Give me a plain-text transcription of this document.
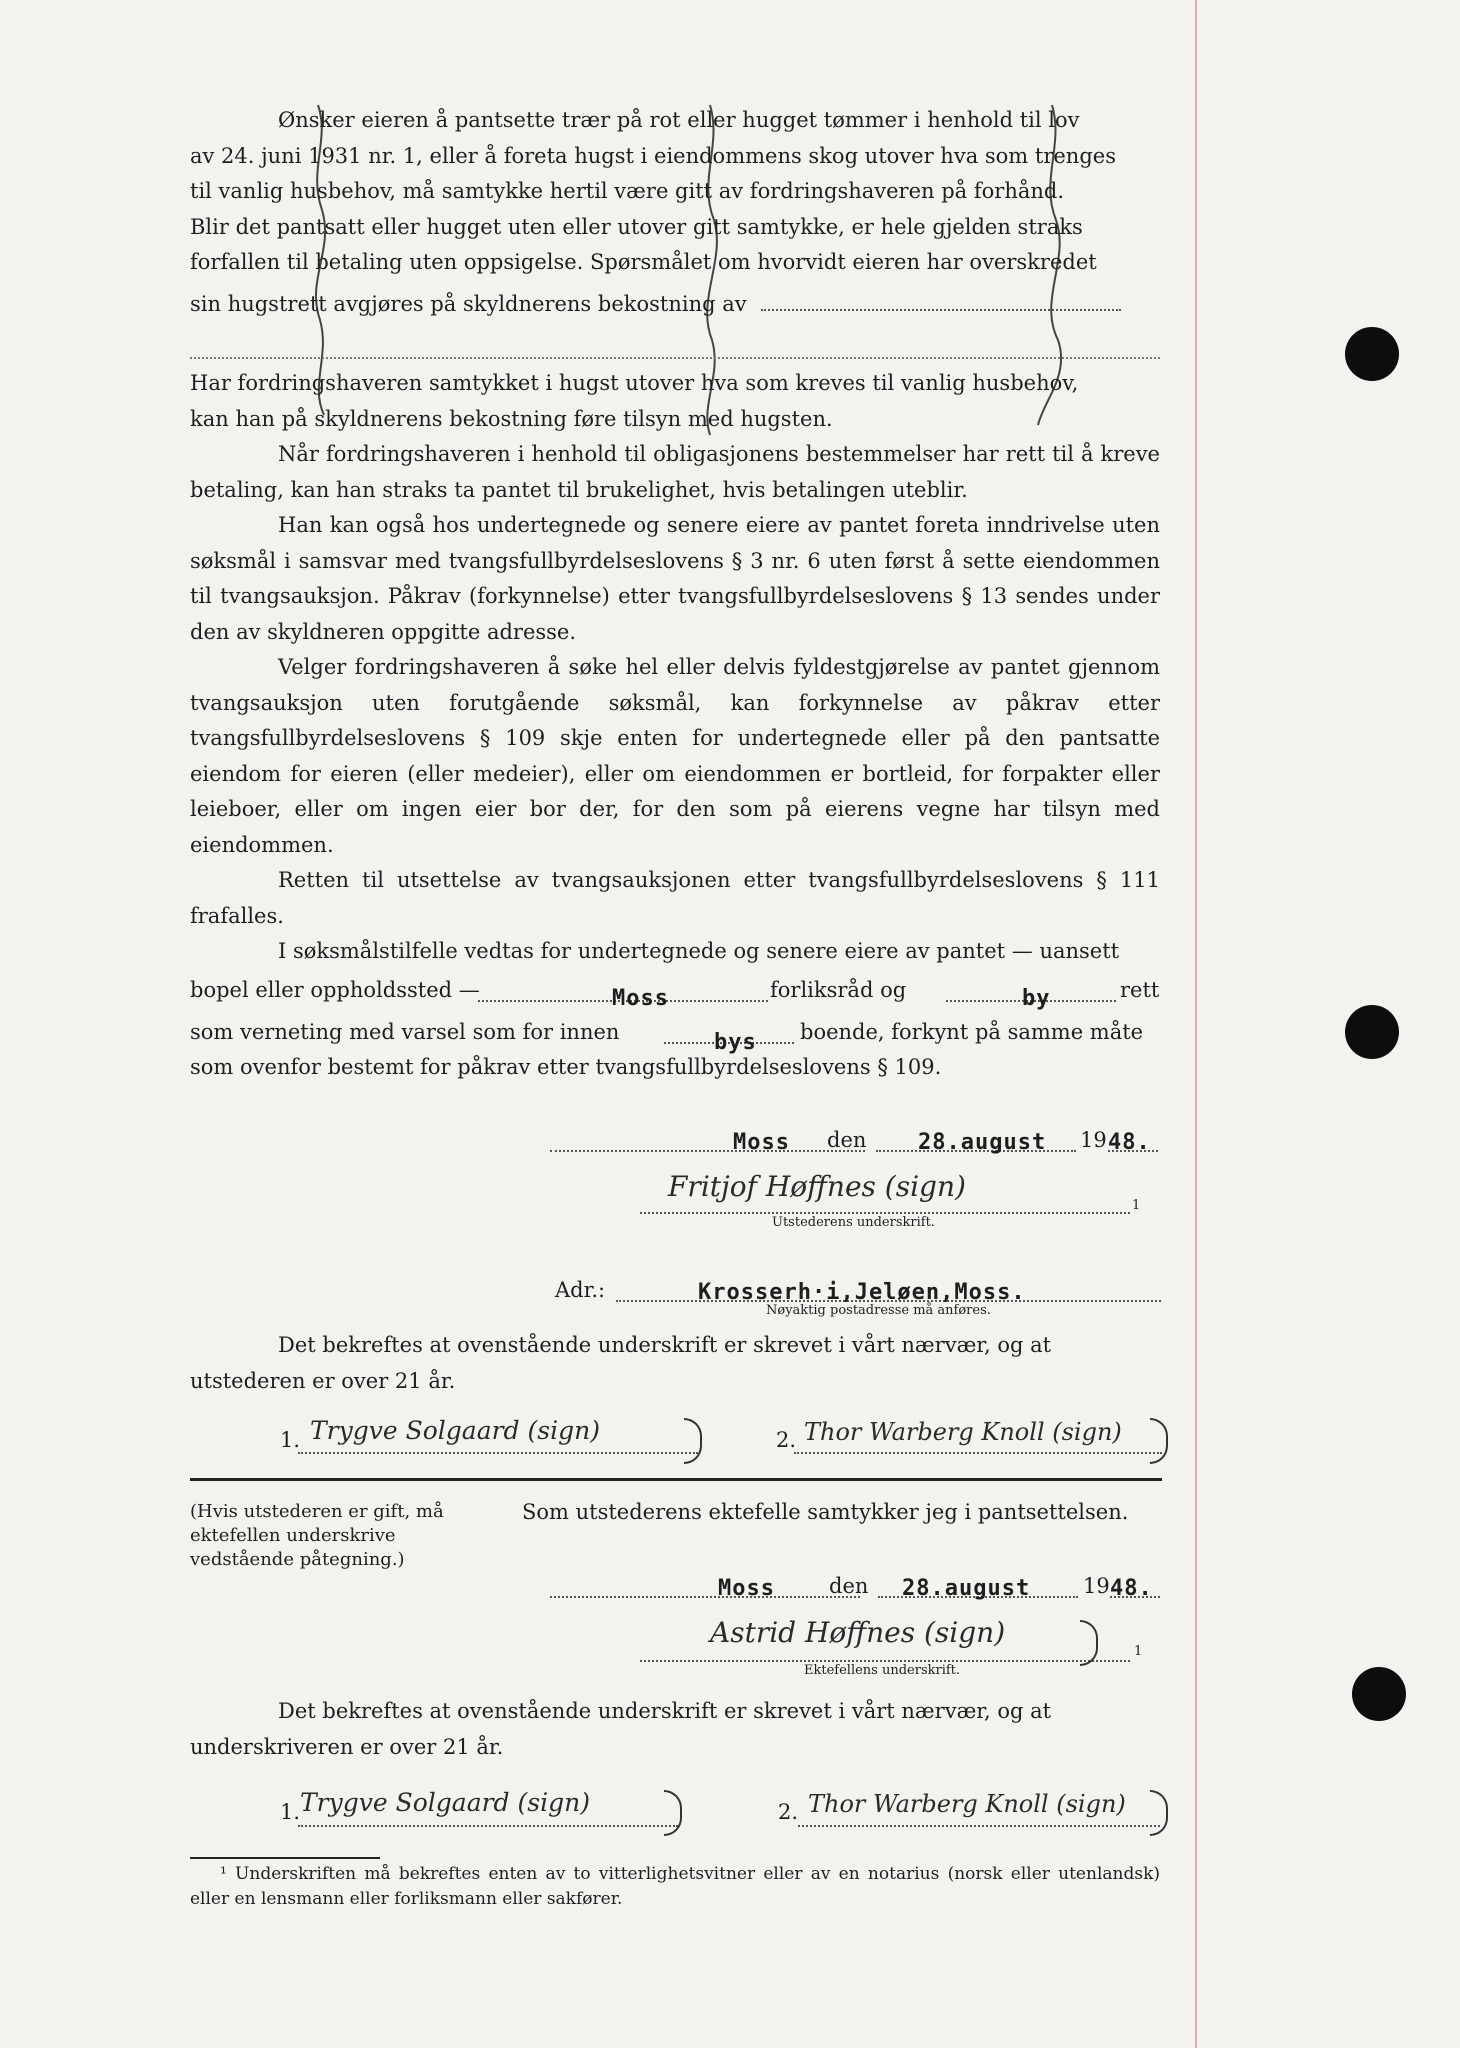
Ønsker eieren å pantsette trær på rot eller hugget tømmer i henhold til lov

av 24. juni 1931 nr. 1, eller å foreta hugst i eiendommens skog utover hva som trenges

til vanlig husbehov, må samtykke hertil være gitt av fordringshaveren på forhånd.

Blir det pantsatt eller hugget uten eller utover gitt samtykke, er hele gjelden straks

forfallen til betaling uten oppsigelse. Spørsmålet om hvorvidt eieren har overskredet

sin hugstrett avgjøres på skyldnerens bekostning av

Har fordringshaveren samtykket i hugst utover hva som kreves til vanlig husbehov,

kan han på skyldnerens bekostning føre tilsyn med hugsten.

Når fordringshaveren i henhold til obligasjonens bestemmelser har rett til å kreve betaling, kan han straks ta pantet til brukelighet, hvis betalingen uteblir.

Han kan også hos undertegnede og senere eiere av pantet foreta inndrivelse uten søksmål i samsvar med tvangsfullbyrdelseslovens § 3 nr. 6 uten først å sette eiendommen til tvangsauksjon. Påkrav (forkynnelse) etter tvangsfullbyrdelseslovens § 13 sendes under den av skyldneren oppgitte adresse.

Velger fordringshaveren å søke hel eller delvis fyldestgjørelse av pantet gjennom tvangsauksjon uten forutgående søksmål, kan forkynnelse av påkrav etter tvangsfullbyrdelseslovens § 109 skje enten for undertegnede eller på den pantsatte eiendom for eieren (eller medeier), eller om eiendommen er bortleid, for forpakter eller leieboer, eller om ingen eier bor der, for den som på eierens vegne har tilsyn med eiendommen.

Retten til utsettelse av tvangsauksjonen etter tvangsfullbyrdelseslovens § 111 frafalles.

I søksmålstilfelle vedtas for undertegnede og senere eiere av pantet — uansett

bopel eller oppholdssted —	Moss	forliksråd og	by	rett
som verneting med varsel som for innen	bys boende, forkynt på samme måte
som ovenfor bestemt for påkrav etter tvangsfullbyrdelseslovens § 109.
Moss den 28.august 19 48.
Fritjof Høffnes (sign)
Utstederens underskrift.
1
Adr.:	Krosserh·i,Jeløen,Moss.
Nøyaktig postadresse må anføres.

Det bekreftes at ovenstående underskrift er skrevet i vårt nærvær, og at

utstederen er over 21 år.

1. Trygve Solgaard (sign)	2. Thor Warberg Knoll (sign)
(Hvis utstederen er gift, må ektefellen underskrive vedstående påtegning.)
Som utstederens ektefelle samtykker jeg i pantsettelsen.
Moss	den 28.august	19 48.
Astrid Høffnes (sign)
Ektefellens underskrift.
1

Det bekreftes at ovenstående underskrift er skrevet i vårt nærvær, og at

underskriveren er over 21 år.

1. Trygve Solgaard (sign)	2. Thor Warberg Knoll (sign)
¹ Underskriften må bekreftes enten av to vitterlighetsvitner eller av en notarius (norsk eller utenlandsk) eller en lensmann eller forliksmann eller sakfører.
